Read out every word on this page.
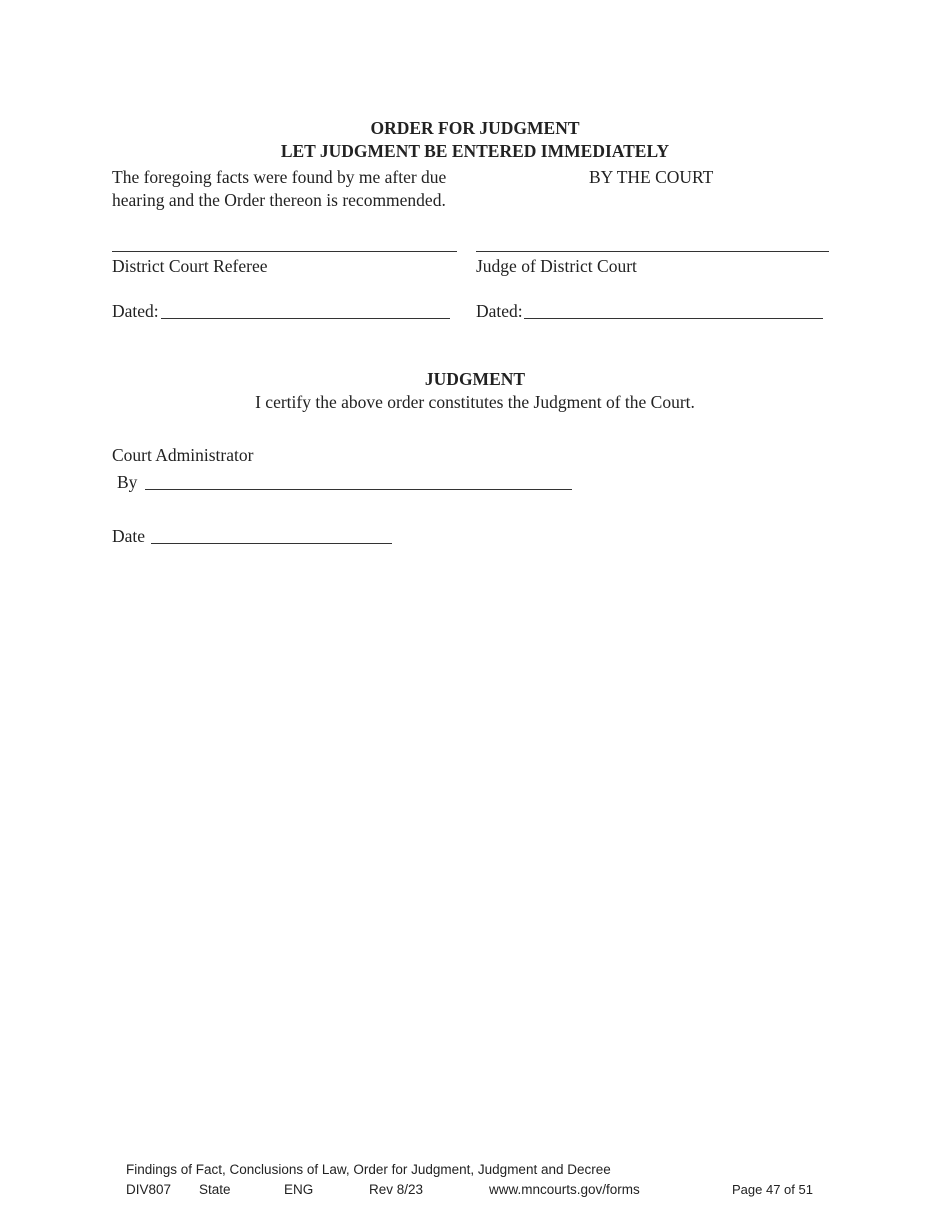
ORDER FOR JUDGMENT
LET JUDGMENT BE ENTERED IMMEDIATELY
The foregoing facts were found by me after due
hearing and the Order thereon is recommended.
BY THE COURT
District Court Referee	Judge of District Court
Dated:	Dated:
JUDGMENT
I certify the above order constitutes the Judgment of the Court.
Court Administrator
By
Date
Findings of Fact, Conclusions of Law, Order for Judgment, Judgment and Decree
DIV807 State	ENG	Rev 8/23	www.mncourts.gov/forms	Page 47 of 51
